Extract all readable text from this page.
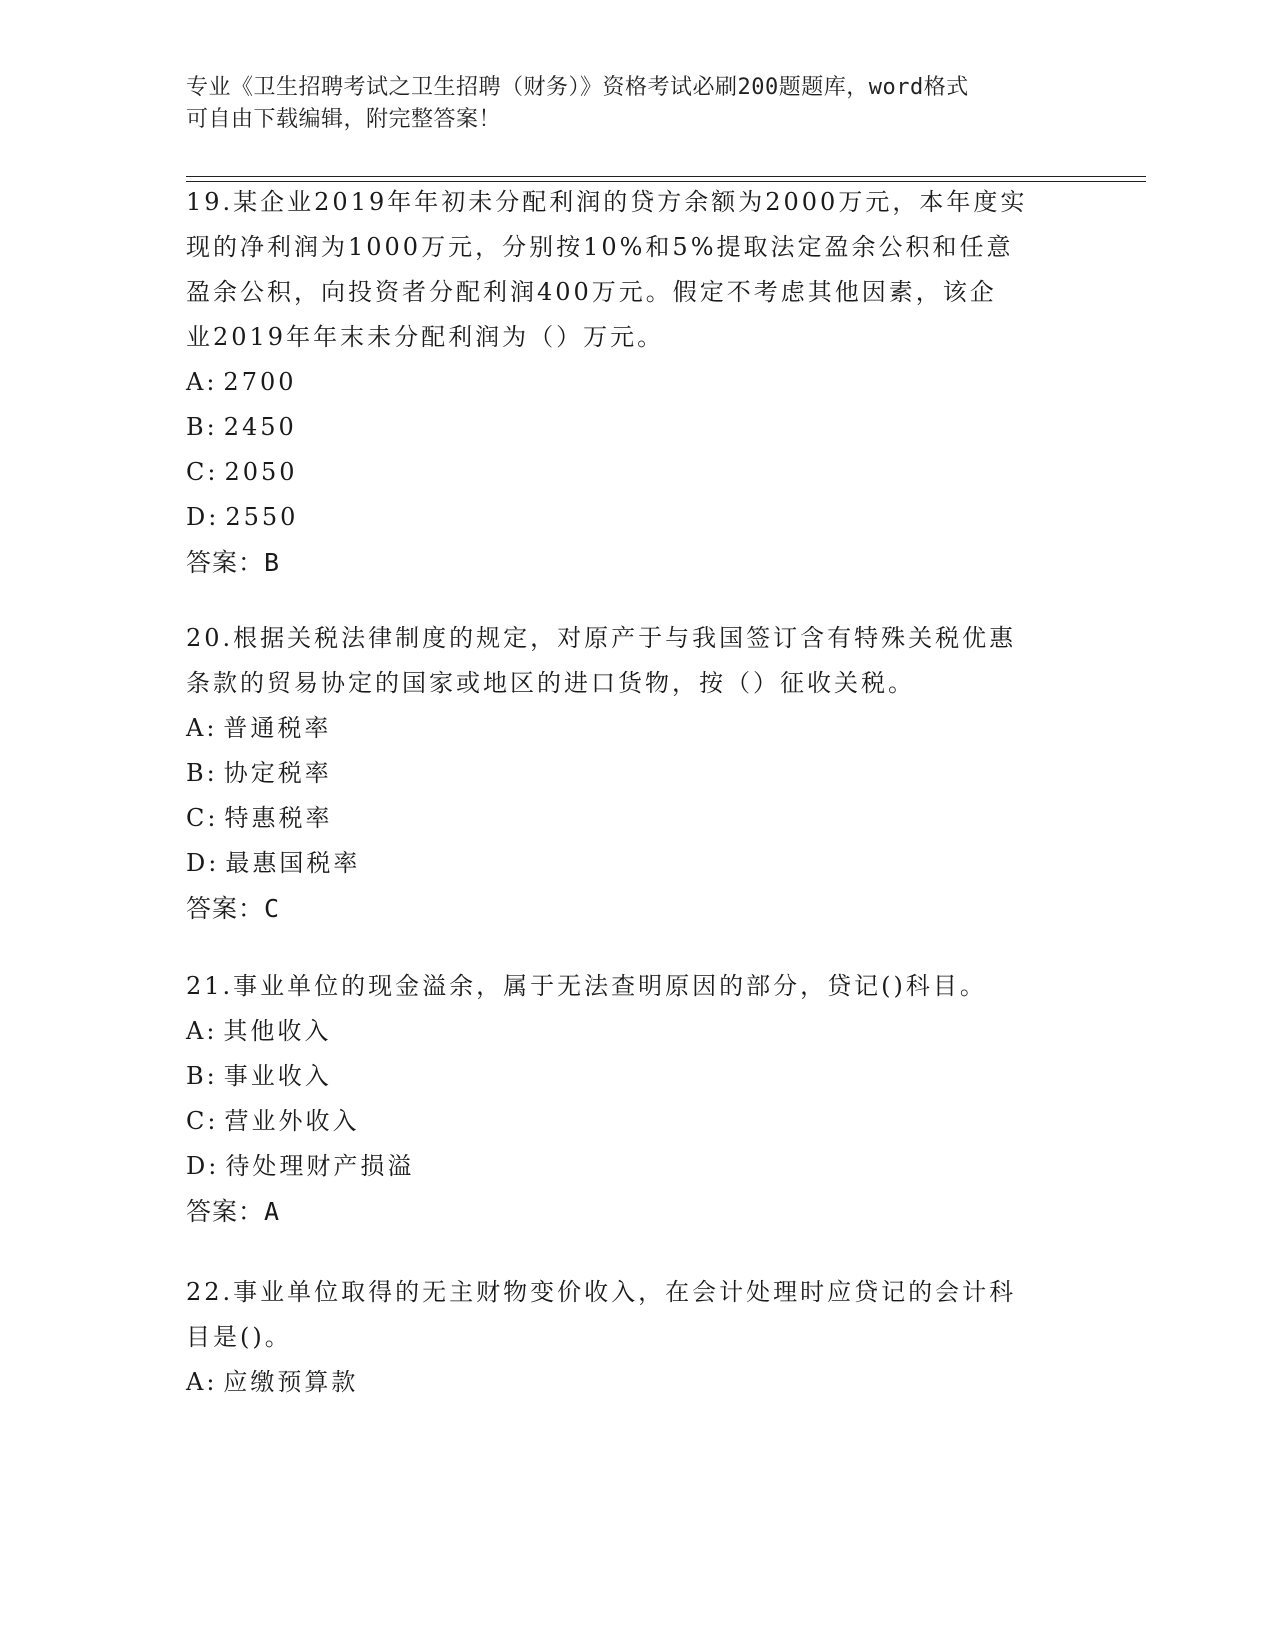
专业《卫生招聘考试之卫生招聘（财务）》资格考试必刷200题题库，word格式
可自由下载编辑，附完整答案！
19.某企业2019年年初未分配利润的贷方余额为2000万元，本年度实
现的净利润为1000万元，分别按10%和5%提取法定盈余公积和任意
盈余公积，向投资者分配利润400万元。假定不考虑其他因素，该企
业2019年年末未分配利润为（）万元。
A: 2700
B: 2450
C: 2050
D: 2550
答案：B
20.根据关税法律制度的规定，对原产于与我国签订含有特殊关税优惠
条款的贸易协定的国家或地区的进口货物，按（）征收关税。
A: 普通税率
B: 协定税率
C: 特惠税率
D: 最惠国税率
答案：C
21.事业单位的现金溢余，属于无法查明原因的部分，贷记()科目。
A: 其他收入
B: 事业收入
C: 营业外收入
D: 待处理财产损溢
答案：A
22.事业单位取得的无主财物变价收入，在会计处理时应贷记的会计科
目是()。
A: 应缴预算款
